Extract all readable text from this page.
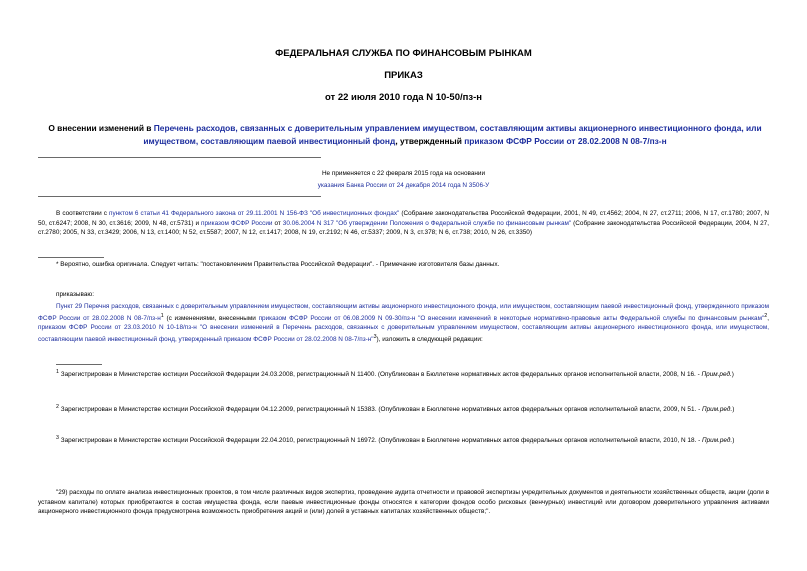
ФЕДЕРАЛЬНАЯ СЛУЖБА ПО ФИНАНСОВЫМ РЫНКАМ
ПРИКАЗ
от 22 июля 2010 года N 10-50/пз-н
О внесении изменений в Перечень расходов, связанных с доверительным управлением имуществом, составляющим активы акционерного инвестиционного фонда, или имуществом, составляющим паевой инвестиционный фонд, утвержденный приказом ФСФР России от 28.02.2008 N 08-7/пз-н
Не применяется с 22 февраля 2015 года на основании
указания Банка России от 24 декабря 2014 года N 3506-У
В соответствии с пунктом 6 статьи 41 Федерального закона от 29.11.2001 N 156-ФЗ "Об инвестиционных фондах" (Собрание законодательства Российской Федерации, 2001, N 49, ст.4562; 2004, N 27, ст.2711; 2006, N 17, ст.1780; 2007, N 50, ст.6247; 2008, N 30, ст.3616; 2009, N 48, ст.5731) и приказом ФСФР России от 30.06.2004 N 317 "Об утверждении Положения о Федеральной службе по финансовым рынкам" (Собрание законодательства Российской Федерации, 2004, N 27, ст.2780; 2005, N 33, ст.3429; 2006, N 13, ст.1400; N 52, ст.5587; 2007, N 12, ст.1417; 2008, N 19, ст.2192; N 46, ст.5337; 2009, N 3, ст.378; N 6, ст.738; 2010, N 26, ст.3350)
* Вероятно, ошибка оригинала. Следует читать: "постановлением Правительства Российской Федерации". - Примечание изготовителя базы данных.
приказываю:
Пункт 29 Перечня расходов, связанных с доверительным управлением имуществом, составляющим активы акционерного инвестиционного фонда, или имуществом, составляющим паевой инвестиционный фонд, утвержденного приказом ФСФР России от 28.02.2008 N $08-7/пз-н^1$ (с изменениями, внесенными приказом ФСФР России от 06.08.2009 N 09-30/пз-н "О внесении изменений в некоторые нормативно-правовые акты Федеральной службы по финансовым рынкам"$^2$, приказом ФСФР России от 23.03.2010 N 10-18/пз-н "О внесении изменений в Перечень расходов, связанных с доверительным управлением имуществом, составляющим активы акционерного инвестиционного фонда, или имуществом, составляющим паевой инвестиционный фонд, утвержденный приказом ФСФР России от 28.02.2008 N 08-7/пз-н"$^3$), изложить в следующей редакции:
$^1$ Зарегистрирован в Министерстве юстиции Российской Федерации 24.03.2008, регистрационный N 11400. (Опубликован в Бюллетене нормативных актов федеральных органов исполнительной власти, 2008, N 16. - Прим.ред.)
$^2$ Зарегистрирован в Министерстве юстиции Российской Федерации 04.12.2009, регистрационный N 15383. (Опубликован в Бюллетене нормативных актов федеральных органов исполнительной власти, 2009, N 51. - Прим.ред.)
$^3$ Зарегистрирован в Министерстве юстиции Российской Федерации 22.04.2010, регистрационный N 16972. (Опубликован в Бюллетене нормативных актов федеральных органов исполнительной власти, 2010, N 18. - Прим.ред.)
"29) расходы по оплате анализа инвестиционных проектов, в том числе различных видов экспертиз, проведение аудита отчетности и правовой экспертизы учредительных документов и деятельности хозяйственных обществ, акции (доли в уставном капитале) которых приобретаются в состав имущества фонда, если паевые инвестиционные фонды относятся к категории фондов особо рисковых (венчурных) инвестиций или договором доверительного управления активами акционерного инвестиционного фонда предусмотрена возможность приобретения акций и (или) долей в уставных капиталах хозяйственных обществ;".
